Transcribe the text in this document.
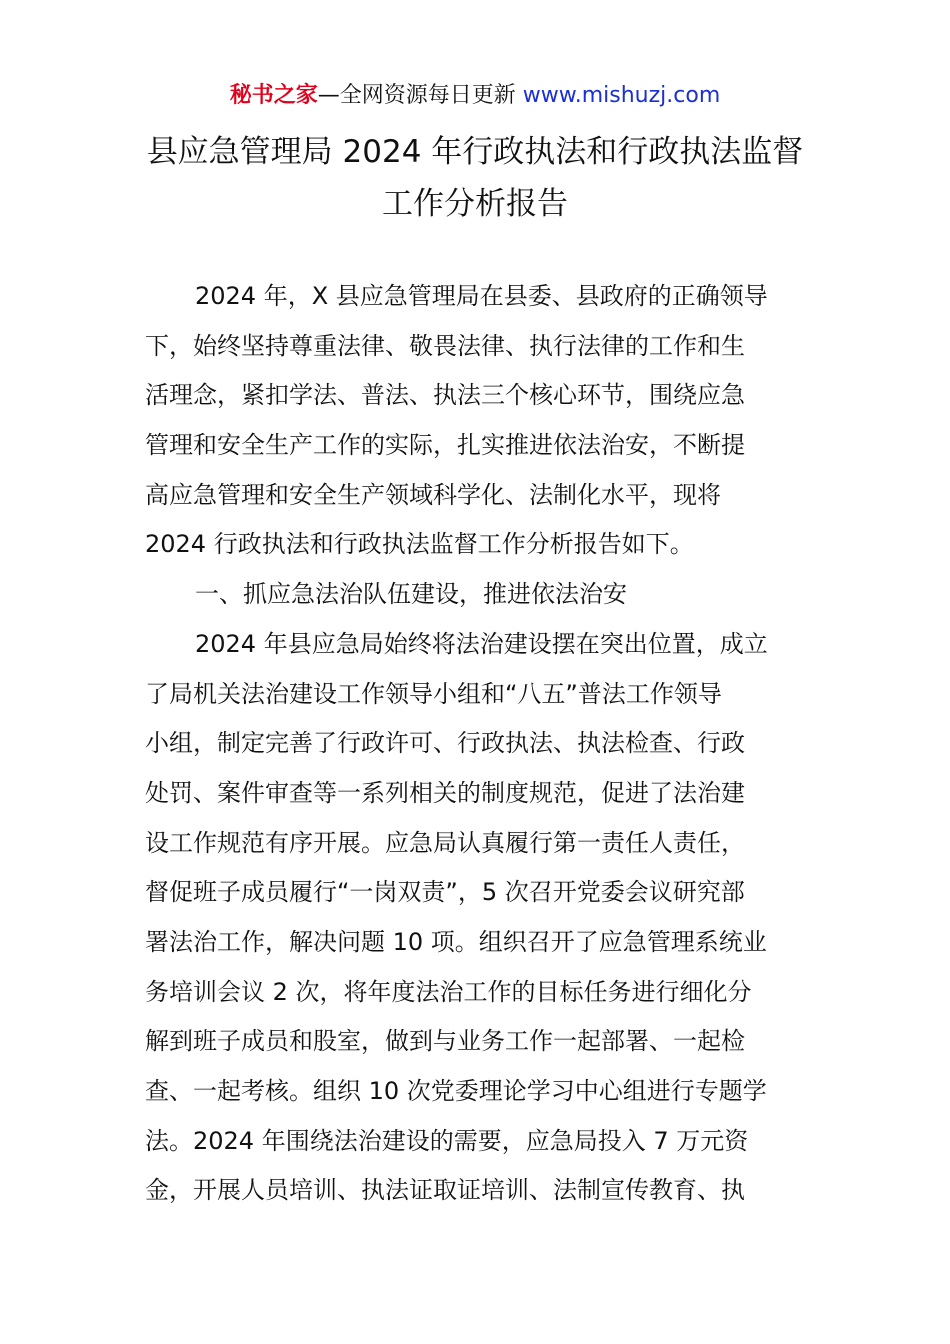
秘书之家—全网资源每日更新 www.mishuzj.com
县应急管理局 2024 年行政执法和行政执法监督
工作分析报告
2024 年，X 县应急管理局在县委、县政府的正确领导
下，始终坚持尊重法律、敬畏法律、执行法律的工作和生
活理念，紧扣学法、普法、执法三个核心环节，围绕应急
管理和安全生产工作的实际，扎实推进依法治安，不断提
高应急管理和安全生产领域科学化、法制化水平，现将
2024 行政执法和行政执法监督工作分析报告如下。
一、抓应急法治队伍建设，推进依法治安
2024 年县应急局始终将法治建设摆在突出位置，成立
了局机关法治建设工作领导小组和“八五”普法工作领导
小组，制定完善了行政许可、行政执法、执法检查、行政
处罚、案件审查等一系列相关的制度规范，促进了法治建
设工作规范有序开展。应急局认真履行第一责任人责任，
督促班子成员履行“一岗双责”，5 次召开党委会议研究部
署法治工作，解决问题 10 项。组织召开了应急管理系统业
务培训会议 2 次，将年度法治工作的目标任务进行细化分
解到班子成员和股室，做到与业务工作一起部署、一起检
查、一起考核。组织 10 次党委理论学习中心组进行专题学
法。2024 年围绕法治建设的需要，应急局投入 7 万元资
金，开展人员培训、执法证取证培训、法制宣传教育、执
